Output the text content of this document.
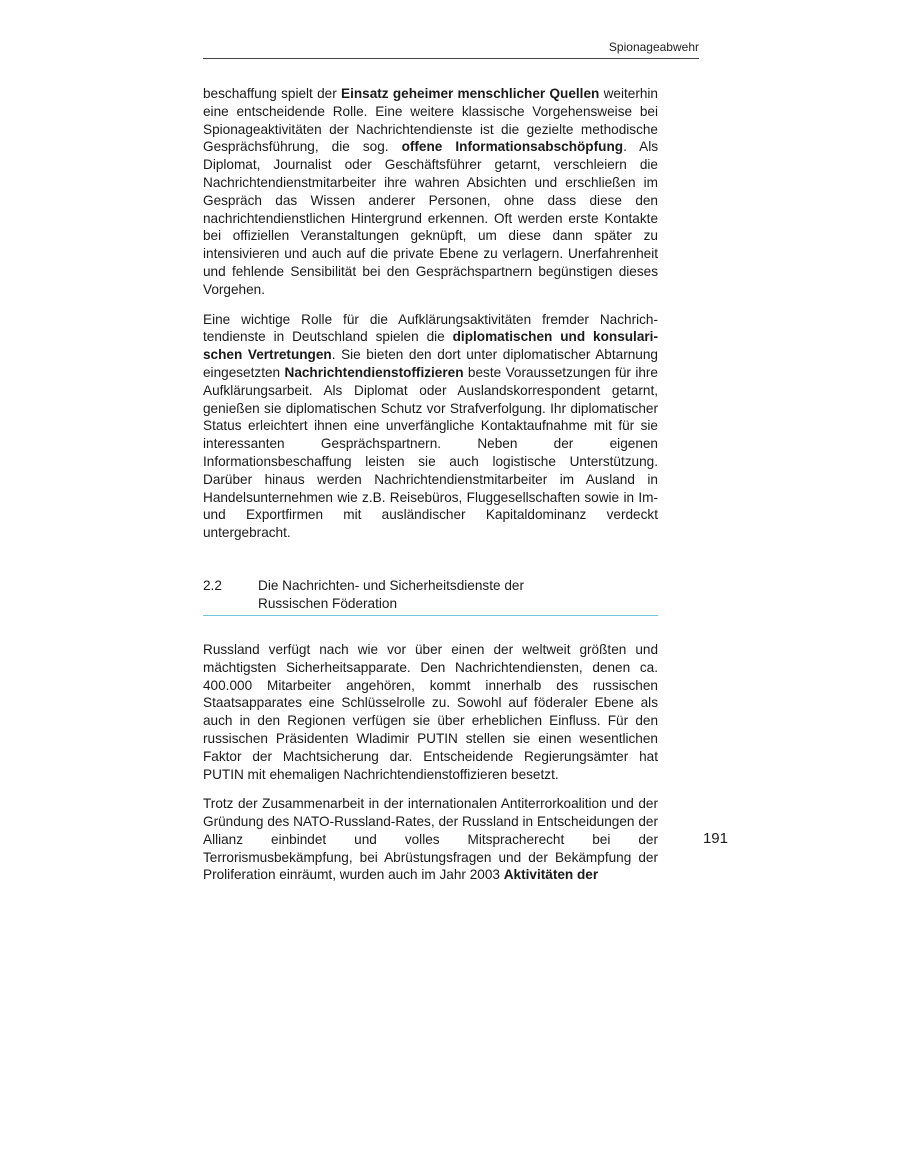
Spionageabwehr

beschaffung spielt der Einsatz geheimer menschlicher Quellen weiterhin eine entscheidende Rolle. Eine weitere klassische Vorgehensweise bei Spionageaktivitäten der Nachrichtendienste ist die gezielte methodische Gesprächsführung, die sog. offene Informationsabschöpfung. Als Diplomat, Journalist oder Geschäftsführer getarnt, verschleiern die Nachrichtendienstmitarbeiter ihre wahren Absichten und erschließen im Gespräch das Wissen anderer Personen, ohne dass diese den nachrichtendienstlichen Hintergrund erkennen. Oft werden erste Kontakte bei offiziellen Veranstaltungen geknüpft, um diese dann später zu intensivieren und auch auf die private Ebene zu verlagern. Unerfahrenheit und fehlende Sensibilität bei den Gesprächspartnern begünstigen dieses Vorgehen.

Eine wichtige Rolle für die Aufklärungsaktivitäten fremder Nachrichtendienste in Deutschland spielen die diplomatischen und konsularischen Vertretungen. Sie bieten den dort unter diplomatischer Abtarnung eingesetzten Nachrichtendienstoffizieren beste Voraussetzungen für ihre Aufklärungsarbeit. Als Diplomat oder Auslandskorrespondent getarnt, genießen sie diplomatischen Schutz vor Strafverfolgung. Ihr diplomatischer Status erleichtert ihnen eine unverfängliche Kontaktaufnahme mit für sie interessanten Gesprächspartnern. Neben der eigenen Informationsbeschaffung leisten sie auch logistische Unterstützung. Darüber hinaus werden Nachrichtendienstmitarbeiter im Ausland in Handelsunternehmen wie z.B. Reisebüros, Fluggesellschaften sowie in Im- und Exportfirmen mit ausländischer Kapitaldominanz verdeckt untergebracht.

2.2	Die Nachrichten- und Sicherheitsdienste der
Russischen Föderation

Russland verfügt nach wie vor über einen der weltweit größten und mächtigsten Sicherheitsapparate. Den Nachrichtendiensten, denen ca. 400.000 Mitarbeiter angehören, kommt innerhalb des russischen Staatsapparates eine Schlüsselrolle zu. Sowohl auf föderaler Ebene als auch in den Regionen verfügen sie über erheblichen Einfluss. Für den russischen Präsidenten Wladimir PUTIN stellen sie einen wesentlichen Faktor der Machtsicherung dar. Entscheidende Regierungsämter hat PUTIN mit ehemaligen Nachrichtendienstoffizieren besetzt.

Trotz der Zusammenarbeit in der internationalen Antiterrorkoalition und der Gründung des NATO-Russland-Rates, der Russland in Entscheidungen der Allianz einbindet und volles Mitspracherecht bei der Terrorismusbekämpfung, bei Abrüstungsfragen und der Bekämpfung der Proliferation einräumt, wurden auch im Jahr 2003 Aktivitäten der

191
